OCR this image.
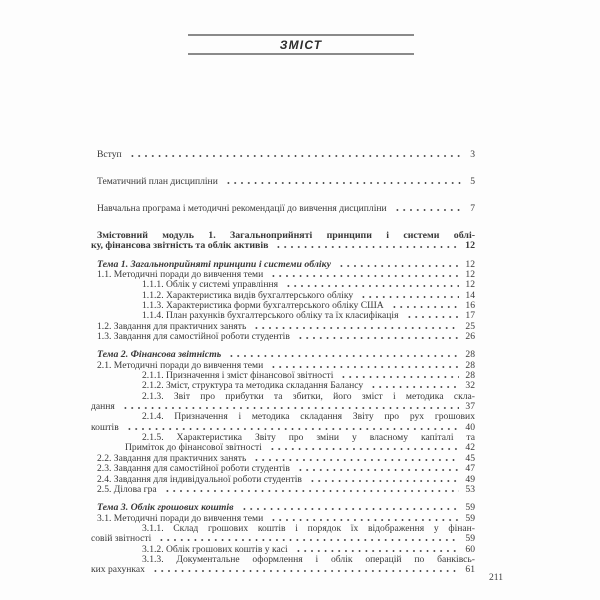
ЗМІСТ
Вступ	3
Тематичний план дисципліни	5
Навчальна програма і методичні рекомендації до вивчення дисципліни	7
Змістовний модуль 1. Загальноприйняті принципи і системи облі-
ку, фінансова звітність та облік активів	12
Тема 1. Загальноприйняті принципи і системи обліку	12
1.1. Методичні поради до вивчення теми	12
1.1.1. Облік у системі управління	12
1.1.2. Характеристика видів бухгалтерського обліку	14
1.1.3. Характеристика форми бухгалтерського обліку США	16
1.1.4. План рахунків бухгалтерського обліку та їх класифікація	17
1.2. Завдання для практичних занять	25
1.3. Завдання для самостійної роботи студентів	26
Тема 2. Фінансова звітність	28
2.1. Методичні поради до вивчення теми	28
2.1.1. Призначення і зміст фінансової звітності	28
2.1.2. Зміст, структура та методика складання Балансу	32
2.1.3. Звіт про прибутки та збитки, його зміст і методика скла-
дання	37
2.1.4. Призначення і методика складання Звіту про рух грошових
коштів	40
2.1.5. Характеристика Звіту про зміни у власному капіталі та
Приміток до фінансової звітності	42
2.2. Завдання для практичних занять	45
2.3. Завдання для самостійної роботи студентів	47
2.4. Завдання для індивідуальної роботи студентів	49
2.5. Ділова гра	53
Тема 3. Облік грошових коштів	59
3.1. Методичні поради до вивчення теми	59
3.1.1. Склад грошових коштів і порядок їх відображення у фінан-
совій звітності	59
3.1.2. Облік грошових коштів у касі	60
3.1.3. Документальне оформлення і облік операцій по банківсь-
ких рахунках	61
211
